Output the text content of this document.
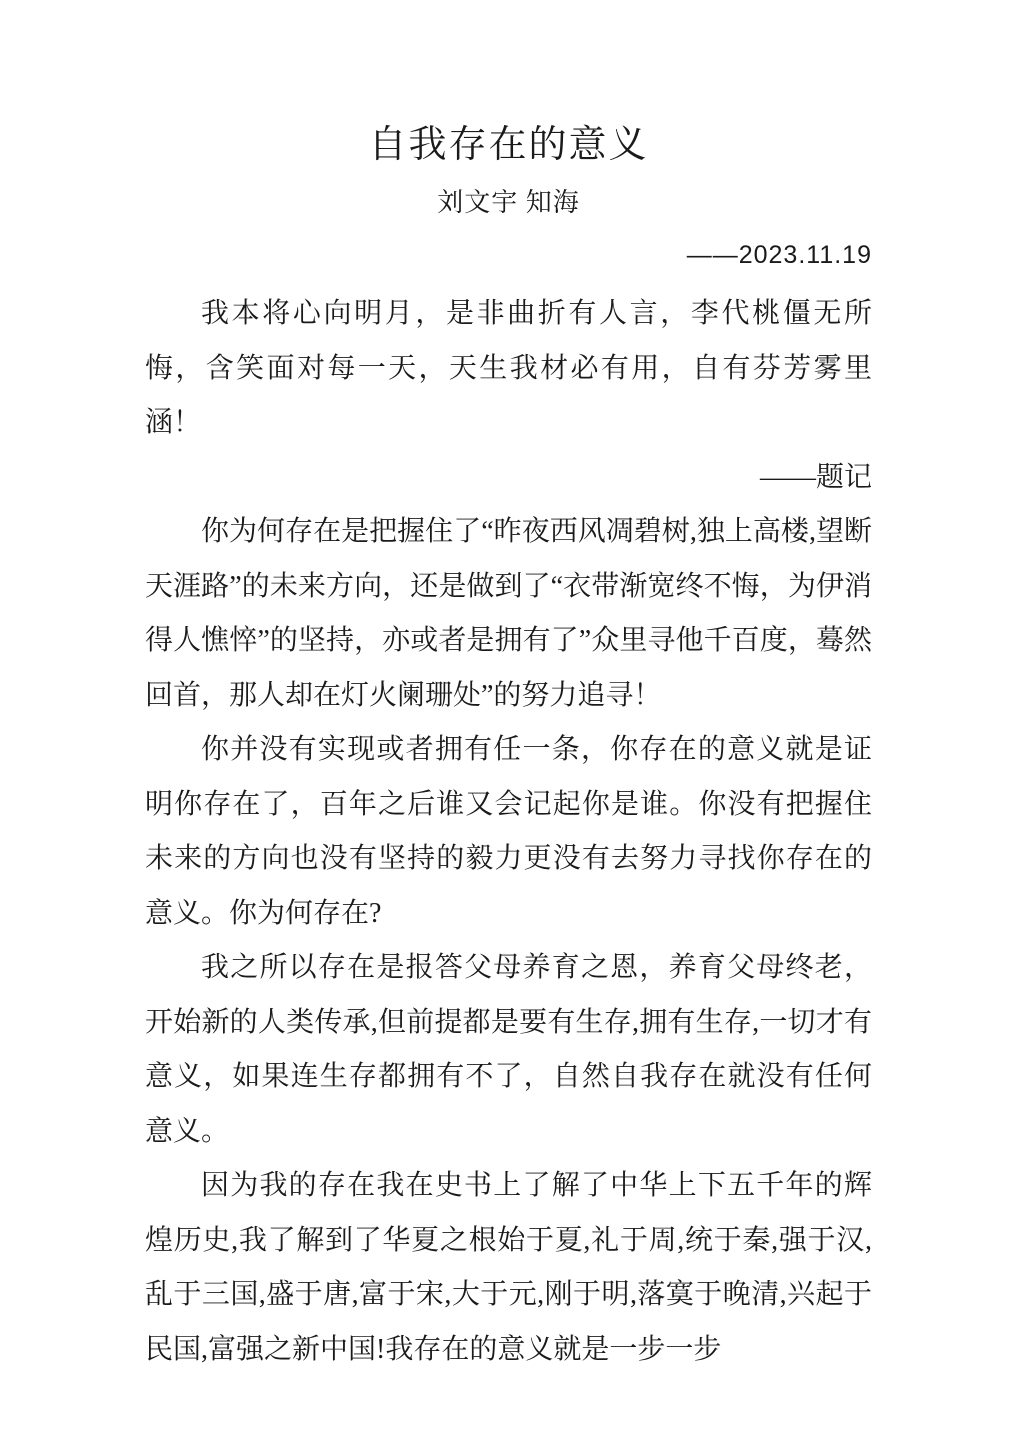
自我存在的意义
刘文宇 知海
——2023.11.19

我本将心向明月，是非曲折有人言，李代桃僵无所悔，含笑面对每一天，天生我材必有用，自有芬芳雾里涵！

——题记

你为何存在是把握住了“昨夜西风凋碧树,独上高楼,望断天涯路”的未来方向，还是做到了“衣带渐宽终不悔，为伊消得人憔悴”的坚持，亦或者是拥有了”众里寻他千百度，蓦然回首，那人却在灯火阑珊处”的努力追寻！

你并没有实现或者拥有任一条，你存在的意义就是证明你存在了，百年之后谁又会记起你是谁。你没有把握住未来的方向也没有坚持的毅力更没有去努力寻找你存在的意义。你为何存在?

我之所以存在是报答父母养育之恩，养育父母终老，开始新的人类传承,但前提都是要有生存,拥有生存,一切才有意义，如果连生存都拥有不了，自然自我存在就没有任何意义。

因为我的存在我在史书上了解了中华上下五千年的辉煌历史,我了解到了华夏之根始于夏,礼于周,统于秦,强于汉,乱于三国,盛于唐,富于宋,大于元,刚于明,落寞于晚清,兴起于民国,富强之新中国!我存在的意义就是一步一步
